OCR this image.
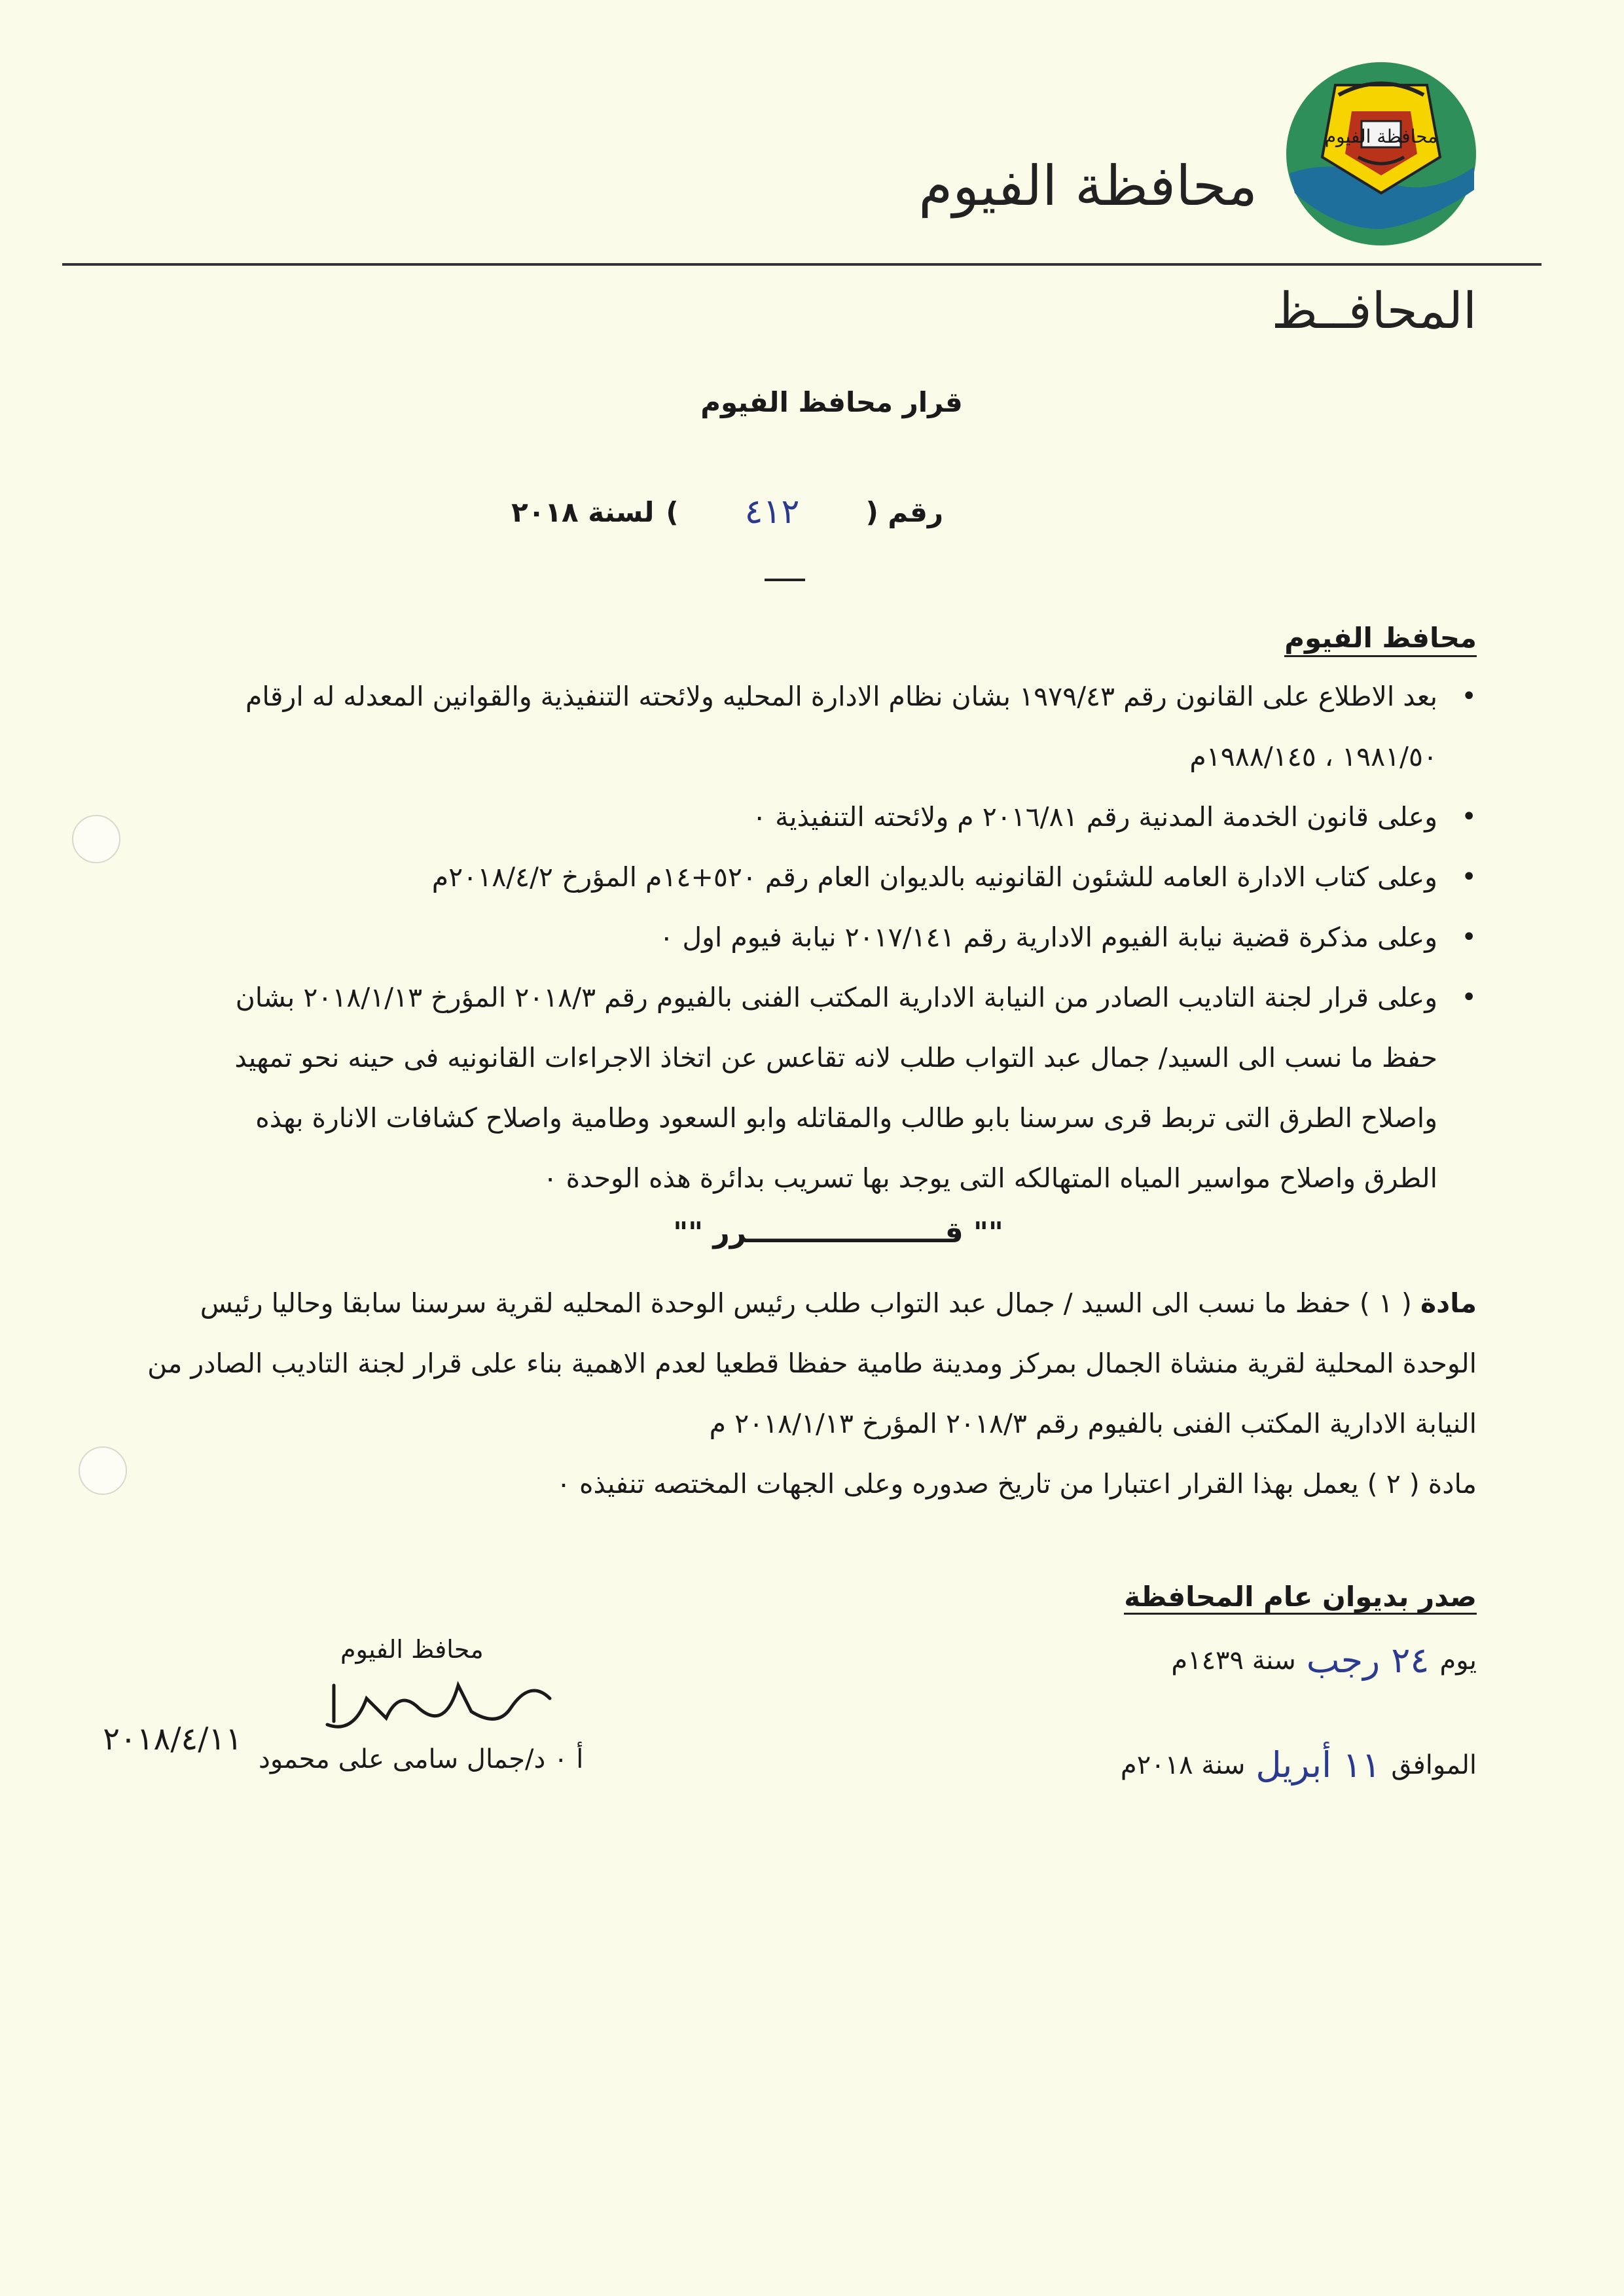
محافظة الفيوم
محافظة الفيوم
المحافــظ
قرار محافظ الفيوم
رقم (
٤١٢
)
لسنة ٢٠١٨
محافظ الفيوم
• بعد الاطلاع على القانون رقم ١٩٧٩/٤٣ بشان نظام الادارة المحليه ولائحته التنفيذية والقوانين المعدله له ارقام ١٩٨١/٥٠ ، ١٩٨٨/١٤٥م
• وعلى قانون الخدمة المدنية رقم ٢٠١٦/٨١ م ولائحته التنفيذية ٠
• وعلى كتاب الادارة العامه للشئون القانونيه بالديوان العام رقم ٥٢٠+١٤م المؤرخ ٢٠١٨/٤/٢م
• وعلى مذكرة قضية نيابة الفيوم الادارية رقم ٢٠١٧/١٤١ نيابة فيوم اول ٠
• وعلى قرار لجنة التاديب الصادر من النيابة الادارية المكتب الفنى بالفيوم رقم ٢٠١٨/٣ المؤرخ ٢٠١٨/١/١٣ بشان حفظ ما نسب الى السيد/ جمال عبد التواب طلب لانه تقاعس عن اتخاذ الاجراءات القانونيه فى حينه نحو تمهيد واصلاح الطرق التى تربط قرى سرسنا بابو طالب والمقاتله وابو السعود وطامية واصلاح كشافات الانارة بهذه الطرق واصلاح مواسير المياه المتهالكه التى يوجد بها تسريب بدائرة هذه الوحدة ٠
"" قــــــــــــــــــــرر ""

مادة ( ١ ) حفظ ما نسب الى السيد / جمال عبد التواب طلب رئيس الوحدة المحليه لقرية سرسنا سابقا وحاليا رئيس الوحدة المحلية لقرية منشاة الجمال بمركز ومدينة طامية حفظا قطعيا لعدم الاهمية بناء على قرار لجنة التاديب الصادر من النيابة الادارية المكتب الفنى بالفيوم رقم ٢٠١٨/٣ المؤرخ ٢٠١٨/١/١٣ م

مادة ( ٢ ) يعمل بهذا القرار اعتبارا من تاريخ صدوره وعلى الجهات المختصه تنفيذه ٠

صدر بديوان عام المحافظة
يوم
٢٤ رجب
سنة ١٤٣٩م
الموافق
١١ أبريل
سنة ٢٠١٨م
محافظ الفيوم
٢٠١٨/٤/١١
أ ٠ د/جمال سامى على محمود
